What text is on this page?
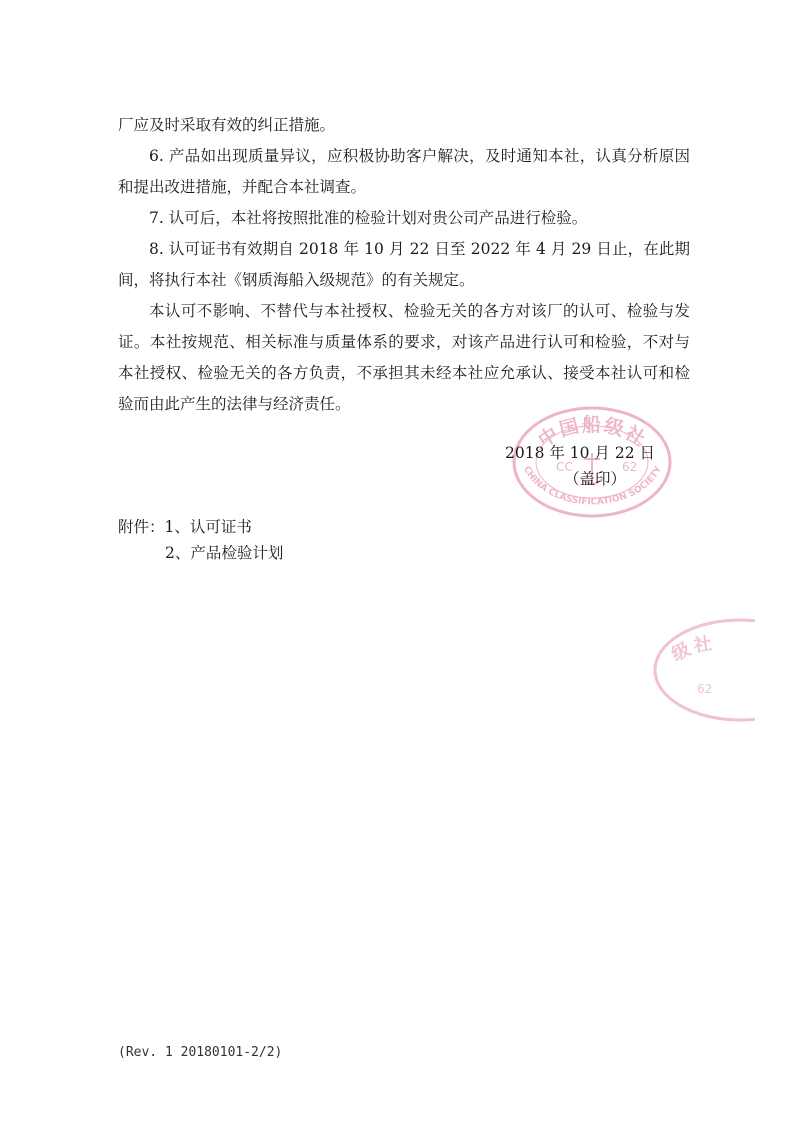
厂应及时采取有效的纠正措施。

6. 产品如出现质量异议，应积极协助客户解决，及时通知本社，认真分析原因和提出改进措施，并配合本社调查。

7. 认可后，本社将按照批准的检验计划对贵公司产品进行检验。

8. 认可证书有效期自 2018 年 10 月 22 日至 2022 年 4 月 29 日止，在此期间，将执行本社《钢质海船入级规范》的有关规定。

本认可不影响、不替代与本社授权、检验无关的各方对该厂的认可、检验与发证。本社按规范、相关标准与质量体系的要求，对该产品进行认可和检验，不对与本社授权、检验无关的各方负责，不承担其未经本社应允承认、接受本社认可和检验而由此产生的法律与经济责任。

中国船级社
CHINA CLASSIFICATION SOCIETY
CC	62
2018 年 10 月 22 日
（盖印）
附件：1、认可证书
2、产品检验计划
级社
62
(Rev. 1 20180101-2/2)
